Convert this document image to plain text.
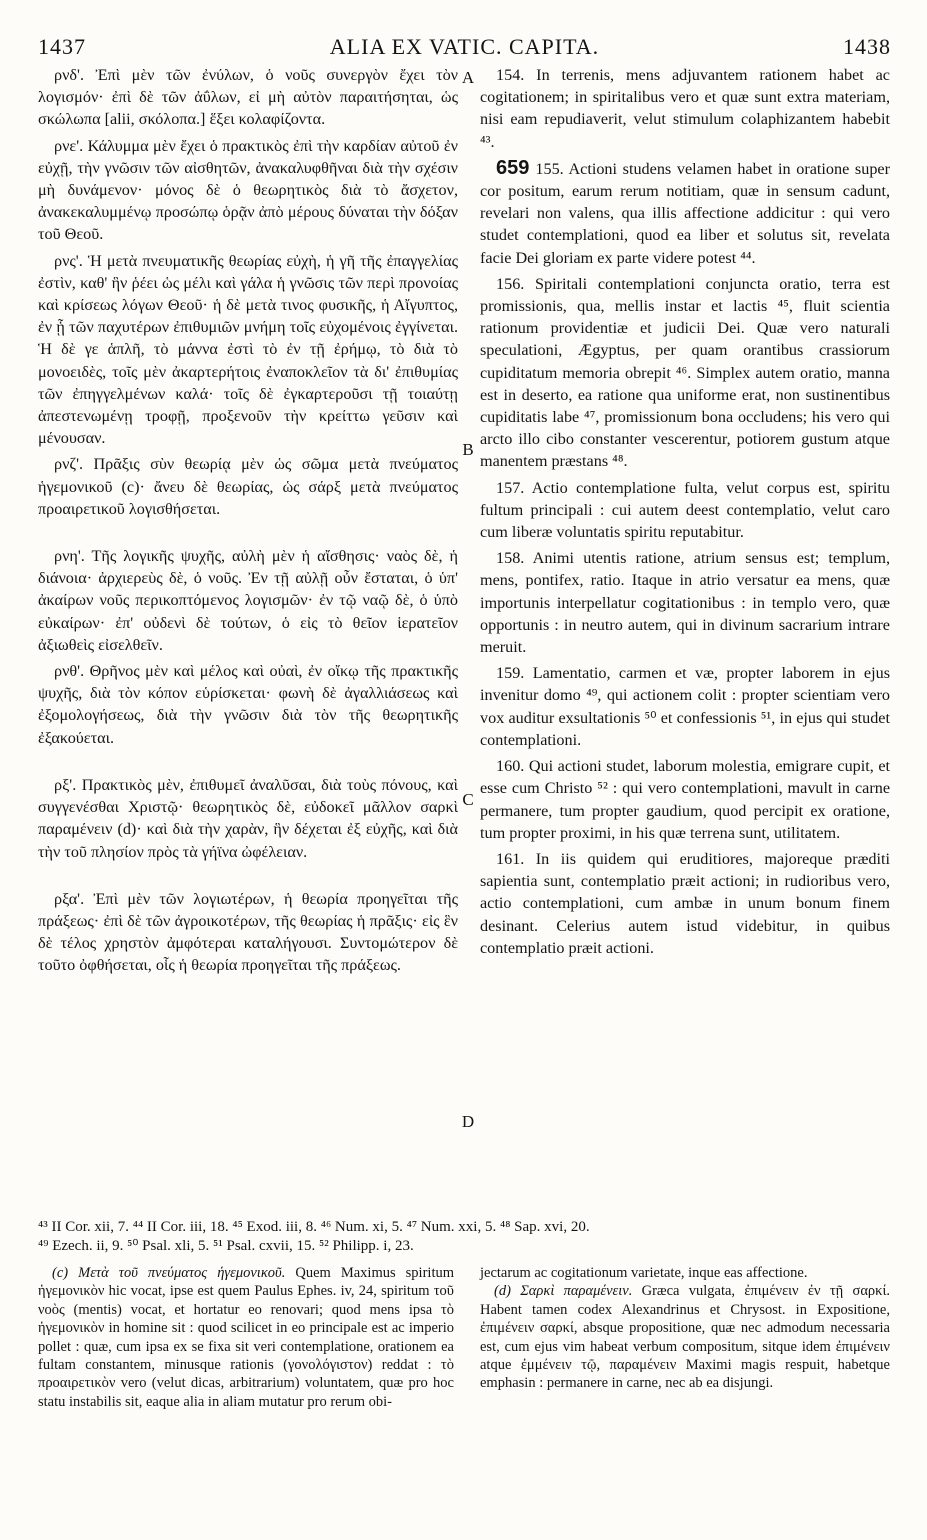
1437	ALIA EX VATIC. CAPITA.	1438
A
B
C
D

ρνδ'. Ἐπὶ μὲν τῶν ἐνύλων, ὁ νοῦς συνεργὸν ἔχει τὸν λογισμόν· ἐπὶ δὲ τῶν ἀΰλων, εἰ μὴ αὐτὸν παραιτήσηται, ὡς σκώλωπα [alii, σκόλοπα.] ἕξει κολαφίζοντα.

ρνε'. Κάλυμμα μὲν ἔχει ὁ πρακτικὸς ἐπὶ τὴν καρδίαν αὐτοῦ ἐν εὐχῇ, τὴν γνῶσιν τῶν αἰσθητῶν, ἀνακαλυφθῆναι διὰ τὴν σχέσιν μὴ δυνάμενον· μόνος δὲ ὁ θεωρητικὸς διὰ τὸ ἄσχετον, ἀνακεκαλυμμένῳ προσώπῳ ὁρᾷν ἀπὸ μέρους δύναται τὴν δόξαν τοῦ Θεοῦ.

ρνς'. Ἡ μετὰ πνευματικῆς θεωρίας εὐχὴ, ἡ γῆ τῆς ἐπαγγελίας ἐστὶν, καθ' ἣν ῥέει ὡς μέλι καὶ γάλα ἡ γνῶσις τῶν περὶ προνοίας καὶ κρίσεως λόγων Θεοῦ· ἡ δὲ μετὰ τινος φυσικῆς, ἡ Αἴγυπτος, ἐν ᾗ τῶν παχυτέρων ἐπιθυμιῶν μνήμη τοῖς εὐχομένοις ἐγγίνεται. Ἡ δὲ γε ἁπλῆ, τὸ μάννα ἐστὶ τὸ ἐν τῇ ἐρήμῳ, τὸ διὰ τὸ μονοειδὲς, τοῖς μὲν ἀκαρτερήτοις ἐναποκλεῖον τὰ δι' ἐπιθυμίας τῶν ἐπηγγελμένων καλά· τοῖς δὲ ἐγκαρτεροῦσι τῇ τοιαύτῃ ἀπεστενωμένῃ τροφῇ, προξενοῦν τὴν κρείττω γεῦσιν καὶ μένουσαν.

ρνζ'. Πρᾶξις σὺν θεωρίᾳ μὲν ὡς σῶμα μετὰ πνεύματος ἡγεμονικοῦ (c)· ἄνευ δὲ θεωρίας, ὡς σάρξ μετὰ πνεύματος προαιρετικοῦ λογισθήσεται.

ρνη'. Τῆς λογικῆς ψυχῆς, αὐλὴ μὲν ἡ αἴσθησις· ναὸς δὲ, ἡ διάνοια· ἀρχιερεὺς δὲ, ὁ νοῦς. Ἐν τῇ αὐλῇ οὖν ἔσταται, ὁ ὑπ' ἀκαίρων νοῦς περικοπτόμενος λογισμῶν· ἐν τῷ ναῷ δὲ, ὁ ὑπὸ εὐκαίρων· ἐπ' οὐδενὶ δὲ τούτων, ὁ εἰς τὸ θεῖον ἱερατεῖον ἀξιωθεὶς εἰσελθεῖν.

ρνθ'. Θρῆνος μὲν καὶ μέλος καὶ οὐαὶ, ἐν οἴκῳ τῆς πρακτικῆς ψυχῆς, διὰ τὸν κόπον εὑρίσκεται· φωνὴ δὲ ἀγαλλιάσεως καὶ ἐξομολογήσεως, διὰ τὴν γνῶσιν διὰ τὸν τῆς θεωρητικῆς ἐξακούεται.

ρξ'. Πρακτικὸς μὲν, ἐπιθυμεῖ ἀναλῦσαι, διὰ τοὺς πόνους, καὶ συγγενέσθαι Χριστῷ· θεωρητικὸς δὲ, εὐδοκεῖ μᾶλλον σαρκὶ παραμένειν (d)· καὶ διὰ τὴν χαρὰν, ἣν δέχεται ἐξ εὐχῆς, καὶ διὰ τὴν τοῦ πλησίον πρὸς τὰ γήϊνα ὠφέλειαν.

ρξα'. Ἐπὶ μὲν τῶν λογιωτέρων, ἡ θεωρία προηγεῖται τῆς πράξεως· ἐπὶ δὲ τῶν ἀγροικοτέρων, τῆς θεωρίας ἡ πρᾶξις· εἰς ἓν δὲ τέλος χρηστὸν ἀμφότεραι καταλήγουσι. Συντομώτερον δὲ τοῦτο ὀφθήσεται, οἷς ἡ θεωρία προηγεῖται τῆς πράξεως.

154. In terrenis, mens adjuvantem rationem habet ac cogitationem; in spiritalibus vero et quæ sunt extra materiam, nisi eam repudiaverit, velut stimulum colaphizantem habebit ⁴³.

659 155. Actioni studens velamen habet in oratione super cor positum, earum rerum notitiam, quæ in sensum cadunt, revelari non valens, qua illis affectione addicitur : qui vero studet contemplationi, quod ea liber et solutus sit, revelata facie Dei gloriam ex parte videre potest ⁴⁴.

156. Spiritali contemplationi conjuncta oratio, terra est promissionis, qua, mellis instar et lactis ⁴⁵, fluit scientia rationum providentiæ et judicii Dei. Quæ vero naturali speculationi, Ægyptus, per quam orantibus crassiorum cupiditatum memoria obrepit ⁴⁶. Simplex autem oratio, manna est in deserto, ea ratione qua uniforme erat, non sustinentibus cupiditatis labe ⁴⁷, promissionum bona occludens; his vero qui arcto illo cibo constanter vescerentur, potiorem gustum atque manentem præstans ⁴⁸.

157. Actio contemplatione fulta, velut corpus est, spiritu fultum principali : cui autem deest contemplatio, velut caro cum liberæ voluntatis spiritu reputabitur.

158. Animi utentis ratione, atrium sensus est; templum, mens, pontifex, ratio. Itaque in atrio versatur ea mens, quæ importunis interpellatur cogitationibus : in templo vero, quæ opportunis : in neutro autem, qui in divinum sacrarium intrare meruit.

159. Lamentatio, carmen et væ, propter laborem in ejus invenitur domo ⁴⁹, qui actionem colit : propter scientiam vero vox auditur exsultationis ⁵⁰ et confessionis ⁵¹, in ejus qui studet contemplationi.

160. Qui actioni studet, laborum molestia, emigrare cupit, et esse cum Christo ⁵² : qui vero contemplationi, mavult in carne permanere, tum propter gaudium, quod percipit ex oratione, tum propter proximi, in his quæ terrena sunt, utilitatem.

161. In iis quidem qui eruditiores, majoreque præditi sapientia sunt, contemplatio præit actioni; in rudioribus vero, actio contemplationi, cum ambæ in unum bonum finem desinant. Celerius autem istud videbitur, in quibus contemplatio præit actioni.

⁴³ II Cor. xii, 7. ⁴⁴ II Cor. iii, 18. ⁴⁵ Exod. iii, 8. ⁴⁶ Num. xi, 5. ⁴⁷ Num. xxi, 5. ⁴⁸ Sap. xvi, 20.

⁴⁹ Ezech. ii, 9. ⁵⁰ Psal. xli, 5. ⁵¹ Psal. cxvii, 15. ⁵² Philipp. i, 23.

(c) Μετὰ τοῦ πνεύματος ἡγεμονικοῦ. Quem Maximus spiritum ἡγεμονικὸν hic vocat, ipse est quem Paulus Ephes. iv, 24, spiritum τοῦ νοὸς (mentis) vocat, et hortatur eo renovari; quod mens ipsa τὸ ἡγεμονικὸν in homine sit : quod scilicet in eo principale est ac imperio pollet : quæ, cum ipsa ex se fixa sit veri contemplatione, orationem ea fultam constantem, minusque rationis (γονολόγιστον) reddat : τὸ προαιρετικὸν vero (velut dicas, arbitrarium) voluntatem, quæ pro hoc statu instabilis sit, eaque alia in aliam mutatur pro rerum obi-

jectarum ac cogitationum varietate, inque eas affectione.

(d) Σαρκὶ παραμένειν. Græca vulgata, ἐπιμένειν ἐν τῇ σαρκί. Habent tamen codex Alexandrinus et Chrysost. in Expositione, ἐπιμένειν σαρκί, absque propositione, quæ nec admodum necessaria est, cum ejus vim habeat verbum compositum, sitque idem ἐπιμένειν atque ἐμμένειν τῷ, παραμένειν Maximi magis respuit, habetque emphasin : permanere in carne, nec ab ea disjungi.
